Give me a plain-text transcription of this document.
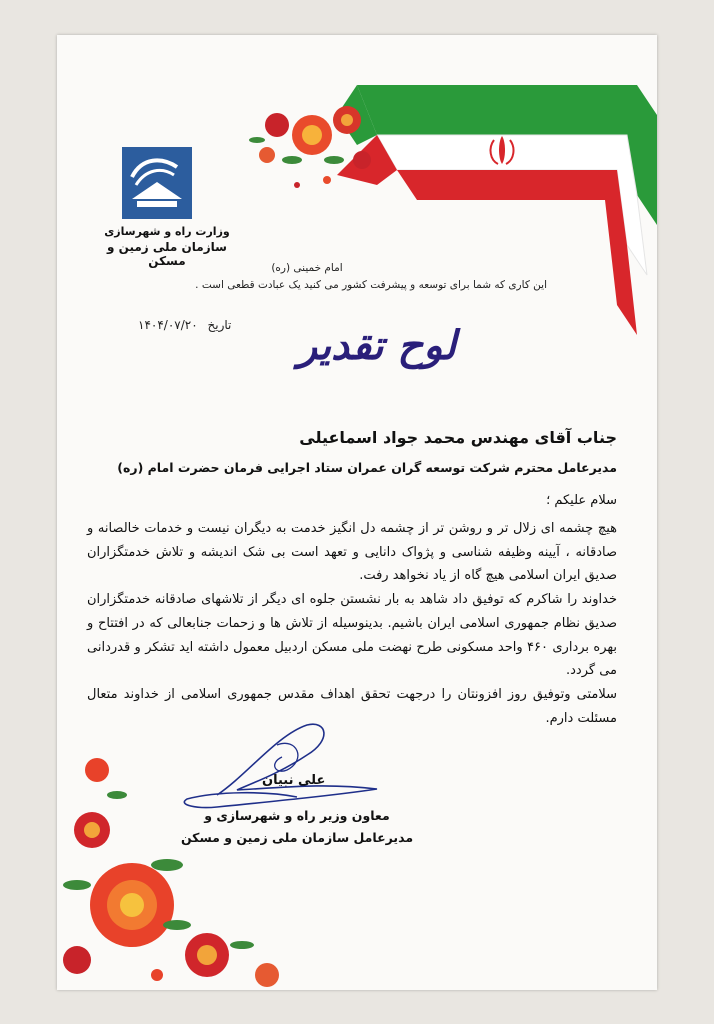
وزارت راه و شهرسازی
سازمان ملی زمین و مسکن	امام خمینی (ره)
این کاری که شما برای توسعه و پیشرفت کشور می کنید یک عبادت قطعی است .
تاریخ ۱۴۰۴/۰۷/۲۰	لوح تقدیر
جناب آقای مهندس محمد جواد اسماعیلی
مدیرعامل محترم شرکت توسعه گران عمران ستاد اجرایی فرمان حضرت امام (ره)
سلام علیکم ؛

هیچ چشمه ای زلال تر و روشن تر از چشمه دل انگیز خدمت به دیگران نیست و خدمات خالصانه و صادقانه ، آیینه وظیفه شناسی و پژواک دانایی و تعهد است بی شک اندیشه و تلاش خدمتگزاران صدیق ایران اسلامی هیچ گاه از یاد نخواهد رفت.

خداوند را شاکرم که توفیق داد شاهد به بار نشستن جلوه ای دیگر از تلاشهای صادقانه خدمتگزاران صدیق نظام جمهوری اسلامی ایران باشیم. بدینوسیله از تلاش ها و زحمات جنابعالی که در افتتاح و بهره برداری ۴۶۰ واحد مسکونی طرح نهضت ملی مسکن اردبیل معمول داشته اید تشکر و قدردانی می گردد.

سلامتی وتوفیق روز افزونتان را درجهت تحقق اهداف مقدس جمهوری اسلامی از خداوند متعال مسئلت دارم.

علی نبیان
معاون وزیر راه و شهرسازی و
مدیرعامل سازمان ملی زمین و مسکن
